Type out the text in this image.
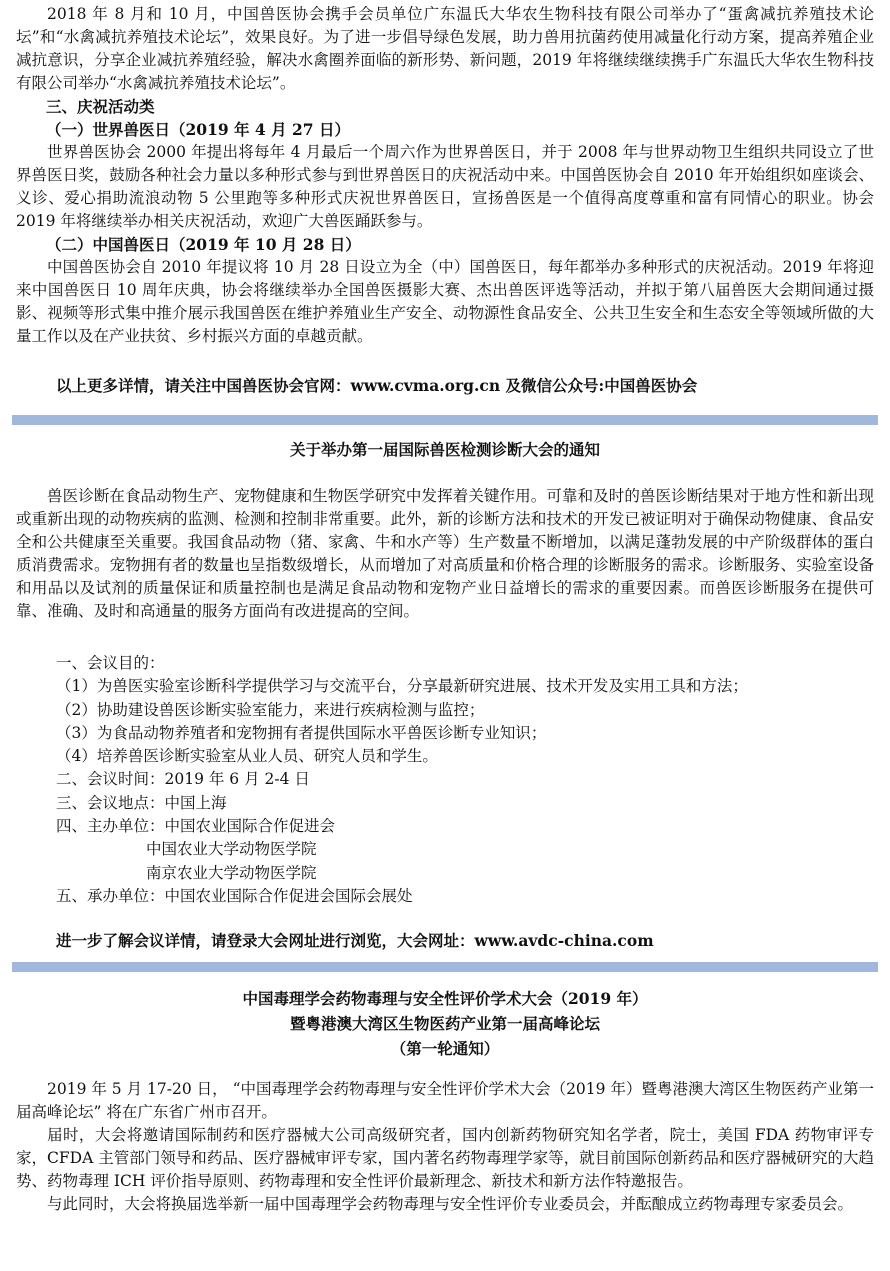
2018 年 8 月和 10 月，中国兽医协会携手会员单位广东温氏大华农生物科技有限公司举办了“蛋禽减抗养殖技术论坛”和“水禽减抗养殖技术论坛”，效果良好。为了进一步倡导绿色发展，助力兽用抗菌药使用减量化行动方案，提高养殖企业减抗意识，分享企业减抗养殖经验，解决水禽圈养面临的新形势、新问题，2019 年将继续继续携手广东温氏大华农生物科技有限公司举办“水禽减抗养殖技术论坛”。

三、庆祝活动类
（一）世界兽医日（2019 年 4 月 27 日）

世界兽医协会 2000 年提出将每年 4 月最后一个周六作为世界兽医日，并于 2008 年与世界动物卫生组织共同设立了世界兽医日奖，鼓励各种社会力量以多种形式参与到世界兽医日的庆祝活动中来。中国兽医协会自 2010 年开始组织如座谈会、义诊、爱心捐助流浪动物 5 公里跑等多种形式庆祝世界兽医日，宣扬兽医是一个值得高度尊重和富有同情心的职业。协会 2019 年将继续举办相关庆祝活动，欢迎广大兽医踊跃参与。

（二）中国兽医日（2019 年 10 月 28 日）

中国兽医协会自 2010 年提议将 10 月 28 日设立为全（中）国兽医日，每年都举办多种形式的庆祝活动。2019 年将迎来中国兽医日 10 周年庆典，协会将继续举办全国兽医摄影大赛、杰出兽医评选等活动，并拟于第八届兽医大会期间通过摄影、视频等形式集中推介展示我国兽医在维护养殖业生产安全、动物源性食品安全、公共卫生安全和生态安全等领域所做的大量工作以及在产业扶贫、乡村振兴方面的卓越贡献。

以上更多详情，请关注中国兽医协会官网：www.cvma.org.cn 及微信公众号:中国兽医协会
关于举办第一届国际兽医检测诊断大会的通知

兽医诊断在食品动物生产、宠物健康和生物医学研究中发挥着关键作用。可靠和及时的兽医诊断结果对于地方性和新出现或重新出现的动物疾病的监测、检测和控制非常重要。此外，新的诊断方法和技术的开发已被证明对于确保动物健康、食品安全和公共健康至关重要。我国食品动物（猪、家禽、牛和水产等）生产数量不断增加，以满足蓬勃发展的中产阶级群体的蛋白质消费需求。宠物拥有者的数量也呈指数级增长，从而增加了对高质量和价格合理的诊断服务的需求。诊断服务、实验室设备和用品以及试剂的质量保证和质量控制也是满足食品动物和宠物产业日益增长的需求的重要因素。而兽医诊断服务在提供可靠、准确、及时和高通量的服务方面尚有改进提高的空间。

一、会议目的：

（1）为兽医实验室诊断科学提供学习与交流平台，分享最新研究进展、技术开发及实用工具和方法；

（2）协助建设兽医诊断实验室能力，来进行疾病检测与监控；

（3）为食品动物养殖者和宠物拥有者提供国际水平兽医诊断专业知识；

（4）培养兽医诊断实验室从业人员、研究人员和学生。

二、会议时间：2019 年 6 月 2-4 日

三、会议地点：中国上海

四、主办单位：中国农业国际合作促进会

中国农业大学动物医学院

南京农业大学动物医学院

五、承办单位：中国农业国际合作促进会国际会展处

进一步了解会议详情，请登录大会网址进行浏览，大会网址：www.avdc-china.com
中国毒理学会药物毒理与安全性评价学术大会（2019 年）
暨粤港澳大湾区生物医药产业第一届高峰论坛
（第一轮通知）

2019 年 5 月 17-20 日， “中国毒理学会药物毒理与安全性评价学术大会（2019 年）暨粤港澳大湾区生物医药产业第一届高峰论坛” 将在广东省广州市召开。

届时，大会将邀请国际制药和医疗器械大公司高级研究者，国内创新药物研究知名学者，院士，美国 FDA 药物审评专家，CFDA 主管部门领导和药品、医疗器械审评专家，国内著名药物毒理学家等，就目前国际创新药品和医疗器械研究的大趋势、药物毒理 ICH 评价指导原则、药物毒理和安全性评价最新理念、新技术和新方法作特邀报告。

与此同时，大会将换届选举新一届中国毒理学会药物毒理与安全性评价专业委员会，并酝酿成立药物毒理专家委员会。
